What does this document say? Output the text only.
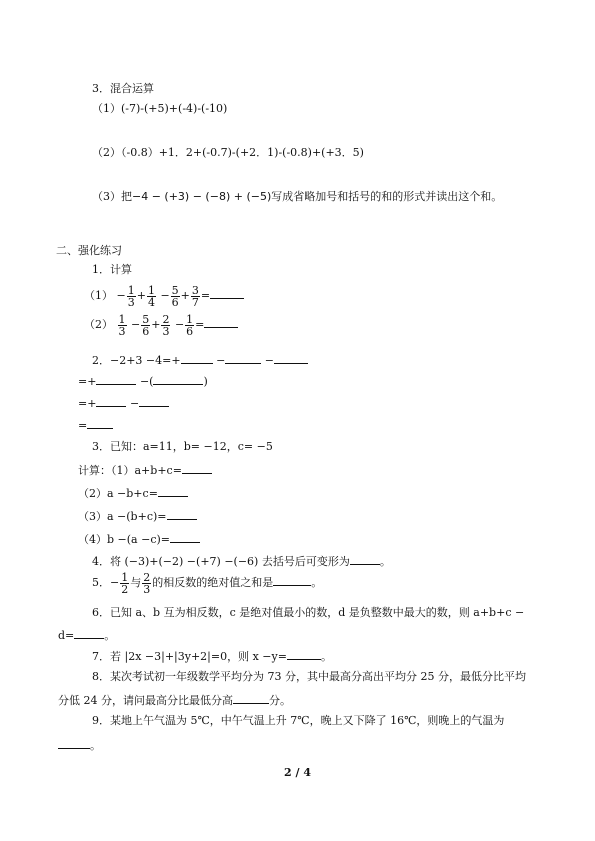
3．混合运算
（1）(-7)-(+5)+(-4)-(-10)
（2）（-0.8）+1．2+(-0.7)-(+2．1)-(-0.8)+(+3．5)
（3）把−4 − (+3) − (−8) + (−5)写成省略加号和括号的和的形式并读出这个和。
二、强化练习
1．计算
$(1) - \frac{1}{3} + \frac{1}{4} - \frac{5}{6} + \frac{3}{7}$ =
$(2) \frac{1}{3} - \frac{5}{6} + \frac{2}{3} - \frac{1}{6}$ =
2．−2+3 −4=+	−	−
=+	−(	)
=+	−
=
3．已知：a=11，b= −12，c= −5
计算：（1）a+b+c=
（2）a −b+c=
（3）a −(b+c)=
（4）b −(a −c)=
4．将 (−3)+(−2) −(+7) −(−6) 去括号后可变形为	。
5．− $\frac{1}{2}$ 与 $\frac{2}{3}$ 的相反数的绝对值之和是	。
6．已知 a、b 互为相反数，c 是绝对值最小的数，d 是负整数中最大的数，则 a+b+c −
d=	。
7．若 |2x −3|+|3y+2|=0，则 x −y=	。
8．某次考试初一年级数学平均分为 73 分，其中最高分高出平均分 25 分，最低分比平均
分低 24 分，请问最高分比最低分高	分。
9．某地上午气温为 5℃，中午气温上升 7℃，晚上又下降了 16℃，则晚上的气温为
。
2 / 4
